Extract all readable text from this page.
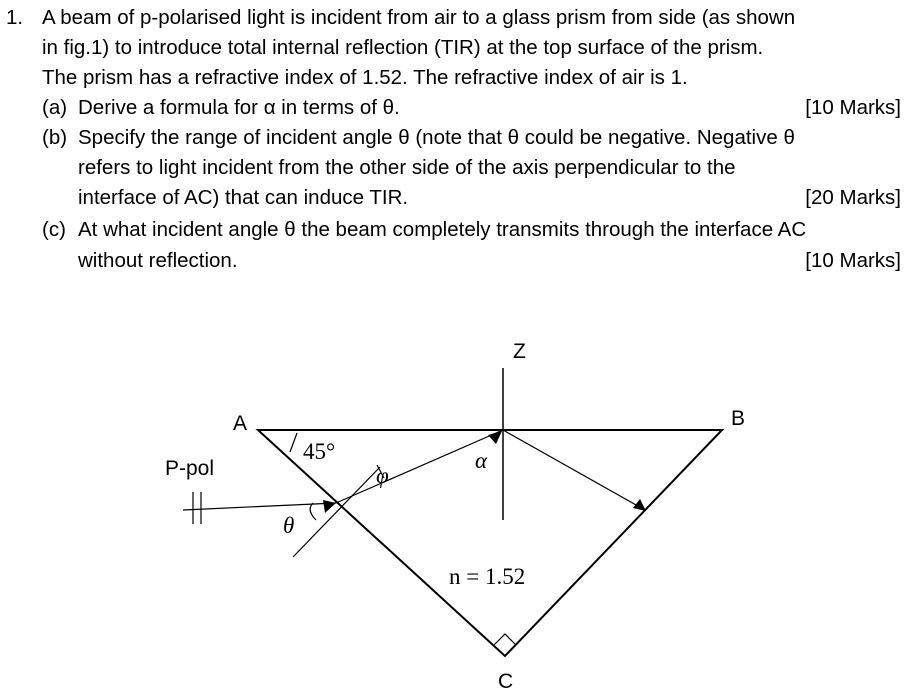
1. A beam of p-polarised light is incident from air to a glass prism from side (as shown
in fig.1) to introduce total internal reflection (TIR) at the top surface of the prism.
The prism has a refractive index of 1.52. The refractive index of air is 1.
(a) Derive a formula for α in terms of θ.	[10 Marks]
(b) Specify the range of incident angle θ (note that θ could be negative. Negative θ
refers to light incident from the other side of the axis perpendicular to the
interface of AC) that can induce TIR.	[20 Marks]
(c) At what incident angle θ the beam completely transmits through the interface AC
without reflection.	[10 Marks]
A	B
C
Z
P-pol
45°
φ
α
θ
n = 1.52
